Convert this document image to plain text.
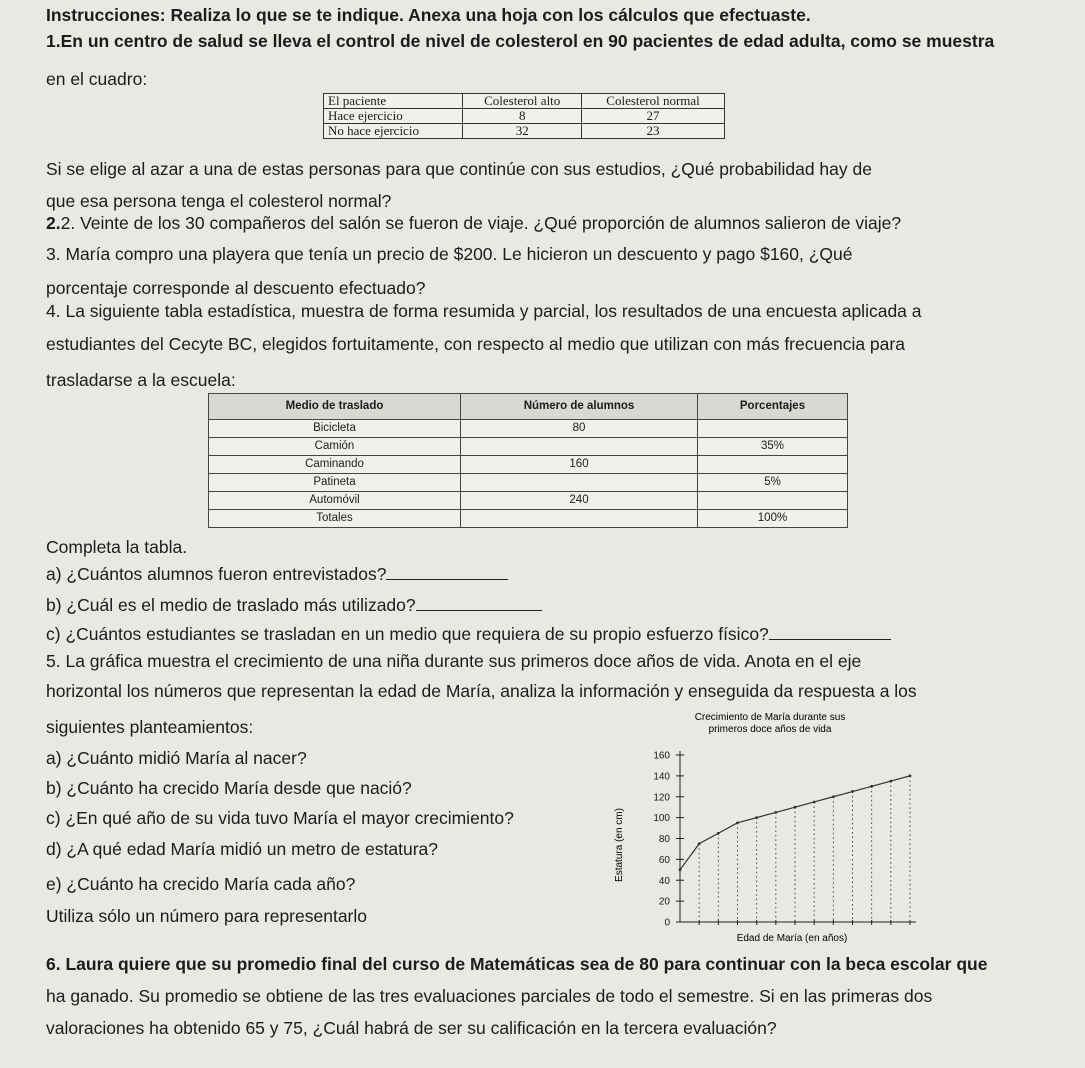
Instrucciones: Realiza lo que se te indique. Anexa una hoja con los cálculos que efectuaste.
1.En un centro de salud se lleva el control de nivel de colesterol en 90 pacientes de edad adulta, como se muestra
en el cuadro:
El paciente	Colesterol alto	Colesterol normal
Hace ejercicio	8	27
No hace ejercicio	32	23
Si se elige al azar a una de estas personas para que continúe con sus estudios, ¿Qué probabilidad hay de
que esa persona tenga el colesterol normal?
2.2. Veinte de los 30 compañeros del salón se fueron de viaje. ¿Qué proporción de alumnos salieron de viaje?
3. María compro una playera que tenía un precio de $200. Le hicieron un descuento y pago $160, ¿Qué
porcentaje corresponde al descuento efectuado?
4. La siguiente tabla estadística, muestra de forma resumida y parcial, los resultados de una encuesta aplicada a
estudiantes del Cecyte BC, elegidos fortuitamente, con respecto al medio que utilizan con más frecuencia para
trasladarse a la escuela:
Medio de traslado	Número de alumnos	Porcentajes
Bicicleta	80	
Camión		35%
Caminando	160	
Patineta		5%
Automóvil	240	
Totales		100%
Completa la tabla.
a) ¿Cuántos alumnos fueron entrevistados?
b) ¿Cuál es el medio de traslado más utilizado?
c) ¿Cuántos estudiantes se trasladan en un medio que requiera de su propio esfuerzo físico?
5. La gráfica muestra el crecimiento de una niña durante sus primeros doce años de vida. Anota en el eje
horizontal los números que representan la edad de María, analiza la información y enseguida da respuesta a los
siguientes planteamientos:
a) ¿Cuánto midió María al nacer?
b) ¿Cuánto ha crecido María desde que nació?
c) ¿En qué año de su vida tuvo María el mayor crecimiento?
d) ¿A qué edad María midió un metro de estatura?
e) ¿Cuánto ha crecido María cada año?
Utiliza sólo un número para representarlo
Crecimiento de María durante sus
primeros doce años de vida
Estatura (en cm)
Edad de María (en años)
0
20
40
60
80
100
120
140
160
6. Laura quiere que su promedio final del curso de Matemáticas sea de 80 para continuar con la beca escolar que
ha ganado. Su promedio se obtiene de las tres evaluaciones parciales de todo el semestre. Si en las primeras dos
valoraciones ha obtenido 65 y 75, ¿Cuál habrá de ser su calificación en la tercera evaluación?
